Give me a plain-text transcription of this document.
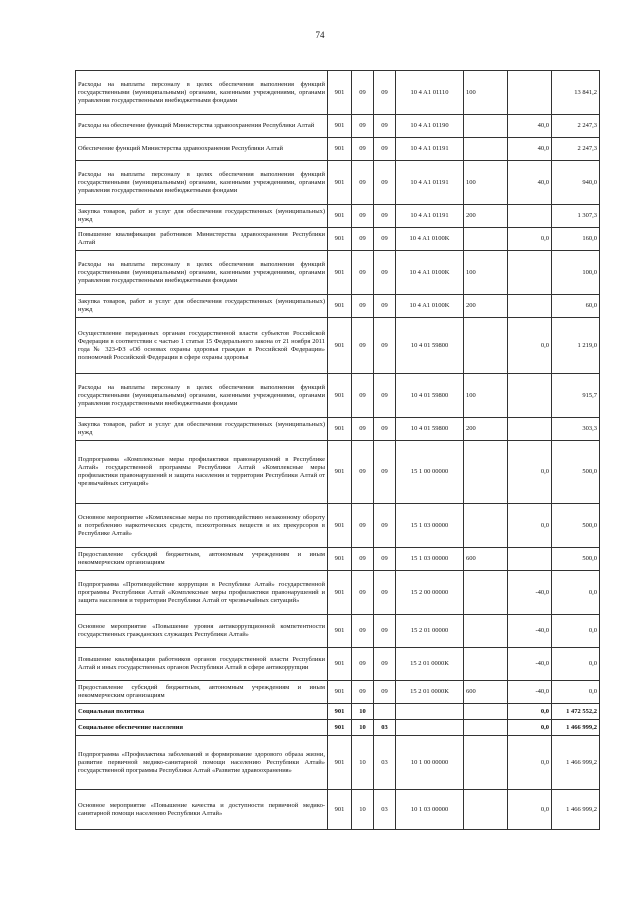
74
Расходы на выплаты персоналу в целях обеспечения выполнения функций государственными (муниципальными) органами, казенными учреждениями, органами управления государственными внебюджетными фондами	901	09	09	10 4 A1 01110	100		13 841,2
Расходы на обеспечение функций Министерства здравоохранения Республики Алтай	901	09	09	10 4 A1 01190		40,0	2 247,3
Обеспечение функций Министерства здравоохранения Республики Алтай	901	09	09	10 4 A1 01191		40,0	2 247,3
Расходы на выплаты персоналу в целях обеспечения выполнения функций государственными (муниципальными) органами, казенными учреждениями, органами управления государственными внебюджетными фондами	901	09	09	10 4 A1 01191	100	40,0	940,0
Закупка товаров, работ и услуг для обеспечения государственных (муниципальных) нужд	901	09	09	10 4 A1 01191	200		1 307,3
Повышение квалификации работников Министерства здравоохранения Республики Алтай	901	09	09	10 4 A1 0100K		0,0	160,0
Расходы на выплаты персоналу в целях обеспечения выполнения функций государственными (муниципальными) органами, казенными учреждениями, органами управления государственными внебюджетными фондами	901	09	09	10 4 A1 0100K	100		100,0
Закупка товаров, работ и услуг для обеспечения государственных (муниципальных) нужд	901	09	09	10 4 A1 0100K	200		60,0
Осуществление переданных органам государственной власти субъектов Российской Федерации в соответствии с частью 1 статьи 15 Федерального закона от 21 ноября 2011 года № 323-ФЗ «Об основах охраны здоровья граждан в Российской Федерации» полномочий Российской Федерации в сфере охраны здоровья	901	09	09	10 4 01 59800		0,0	1 219,0
Расходы на выплаты персоналу в целях обеспечения выполнения функций государственными (муниципальными) органами, казенными учреждениями, органами управления государственными внебюджетными фондами	901	09	09	10 4 01 59800	100		915,7
Закупка товаров, работ и услуг для обеспечения государственных (муниципальных) нужд	901	09	09	10 4 01 59800	200		303,3
Подпрограмма «Комплексные меры профилактики правонарушений в Республике Алтай» государственной программы Республики Алтай «Комплексные меры профилактики правонарушений и защита населения и территории Республики Алтай от чрезвычайных ситуаций»	901	09	09	15 1 00 00000		0,0	500,0
Основное мероприятие «Комплексные меры по противодействию незаконному обороту и потреблению наркотических средств, психотропных веществ и их прекурсоров в Республике Алтай»	901	09	09	15 1 03 00000		0,0	500,0
Предоставление субсидий бюджетным, автономным учреждениям и иным некоммерческим организациям	901	09	09	15 1 03 00000	600		500,0
Подпрограмма «Противодействие коррупции в Республике Алтай» государственной программы Республики Алтай «Комплексные меры профилактики правонарушений и защита населения и территории Республики Алтай от чрезвычайных ситуаций»	901	09	09	15 2 00 00000		-40,0	0,0
Основное мероприятие «Повышение уровня антикоррупционной компетентности государственных гражданских служащих Республики Алтай»	901	09	09	15 2 01 00000		-40,0	0,0
Повышение квалификации работников органов государственной власти Республики Алтай и иных государственных органов Республики Алтай в сфере антикоррупции	901	09	09	15 2 01 0000K		-40,0	0,0
Предоставление субсидий бюджетным, автономным учреждениям и иным некоммерческим организациям	901	09	09	15 2 01 0000K	600	-40,0	0,0
Социальная политика	901	10				0,0	1 472 552,2
Социальное обеспечение населения	901	10	03			0,0	1 466 999,2
Подпрограмма «Профилактика заболеваний и формирование здорового образа жизни, развитие первичной медико-санитарной помощи населению Республики Алтай» государственной программы Республики Алтай «Развитие здравоохранения»	901	10	03	10 1 00 00000		0,0	1 466 999,2
Основное мероприятие «Повышение качества и доступности первичной медико-санитарной помощи населению Республики Алтай»	901	10	03	10 1 03 00000		0,0	1 466 999,2
